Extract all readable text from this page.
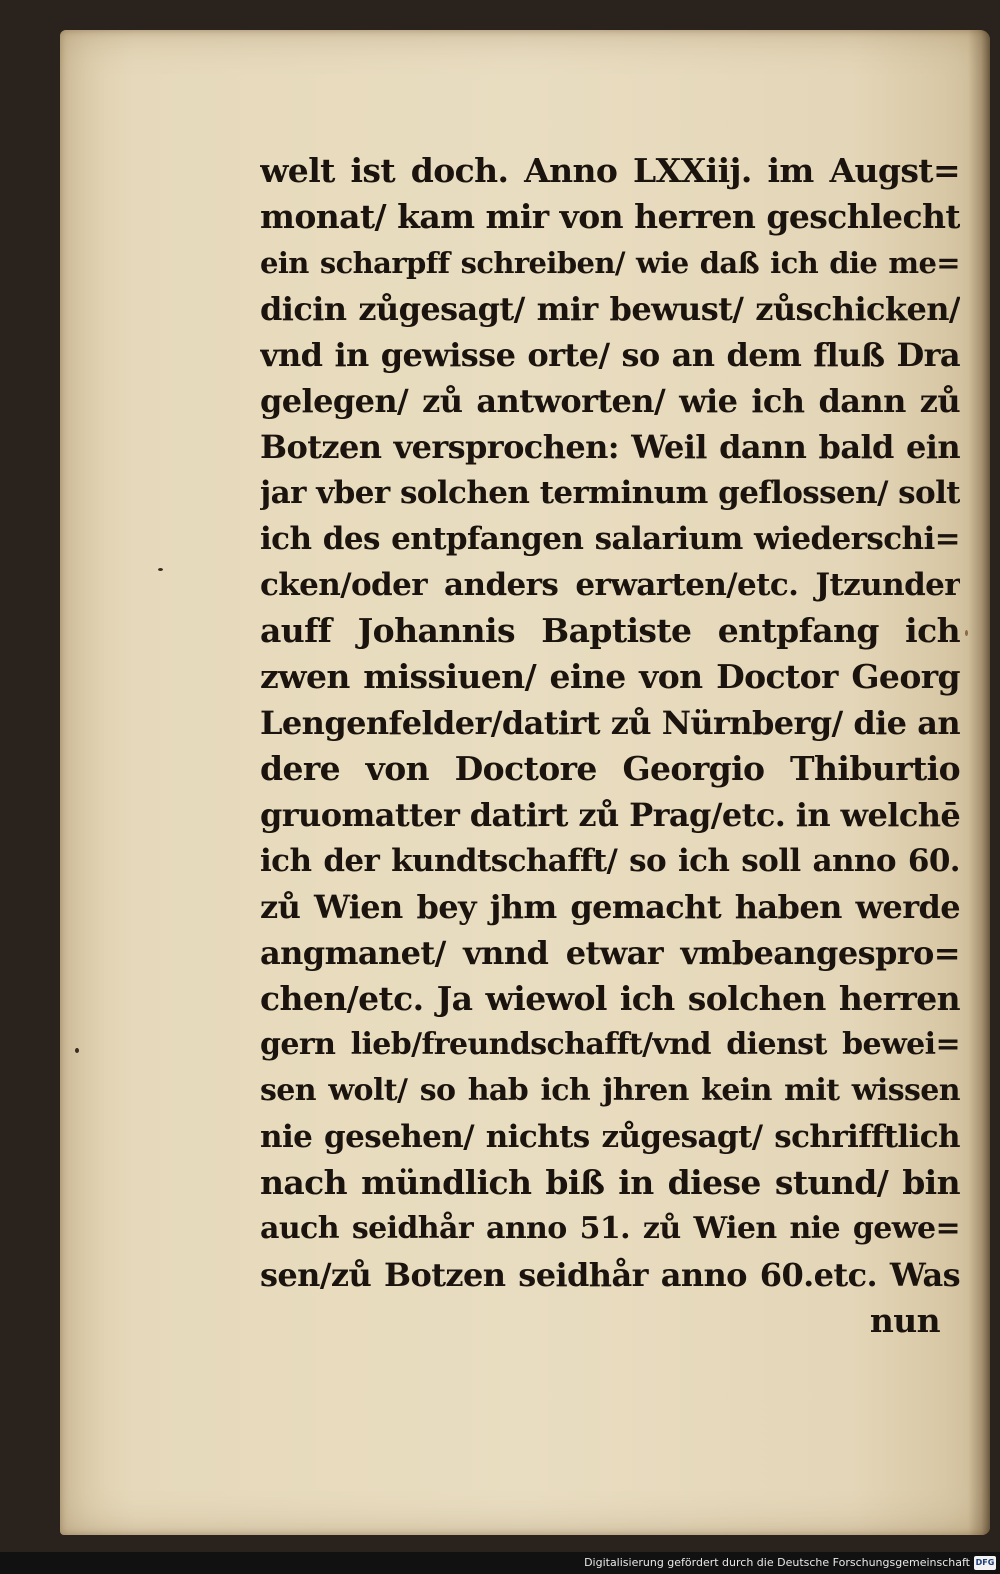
welt ist doch. Anno LXXiij. im Augst=
monat/ kam mir von herren geschlecht
ein scharpff schreiben/ wie daß ich die me=
dicin zůgesagt/ mir bewust/ zůschicken/
vnd in gewisse orte/ so an dem fluß Dra
gelegen/ zů antworten/ wie ich dann zů
Botzen versprochen: Weil dann bald ein
jar vber solchen terminum geflossen/ solt
ich des entpfangen salarium wiederschi=
cken/oder anders erwarten/etc. Jtzunder
auff Johannis Baptiste entpfang ich
zwen missiuen/ eine von Doctor Georg
Lengenfelder/datirt zů Nürnberg/ die an
dere von Doctore Georgio Thiburtio
gruomatter datirt zů Prag/etc. in welchē
ich der kundtschafft/ so ich soll anno 60.
zů Wien bey jhm gemacht haben werde
angmanet/ vnnd etwar vmbeangespro=
chen/etc. Ja wiewol ich solchen herren
gern lieb/freundschafft/vnd dienst bewei=
sen wolt/ so hab ich jhren kein mit wissen
nie gesehen/ nichts zůgesagt/ schrifftlich
nach mündlich biß in diese stund/ bin
auch seidhår anno 51. zů Wien nie gewe=
sen/zů Botzen seidhår anno 60.etc. Was
nun
Digitalisierung gefördert durch die Deutsche Forschungsgemeinschaft DFG
